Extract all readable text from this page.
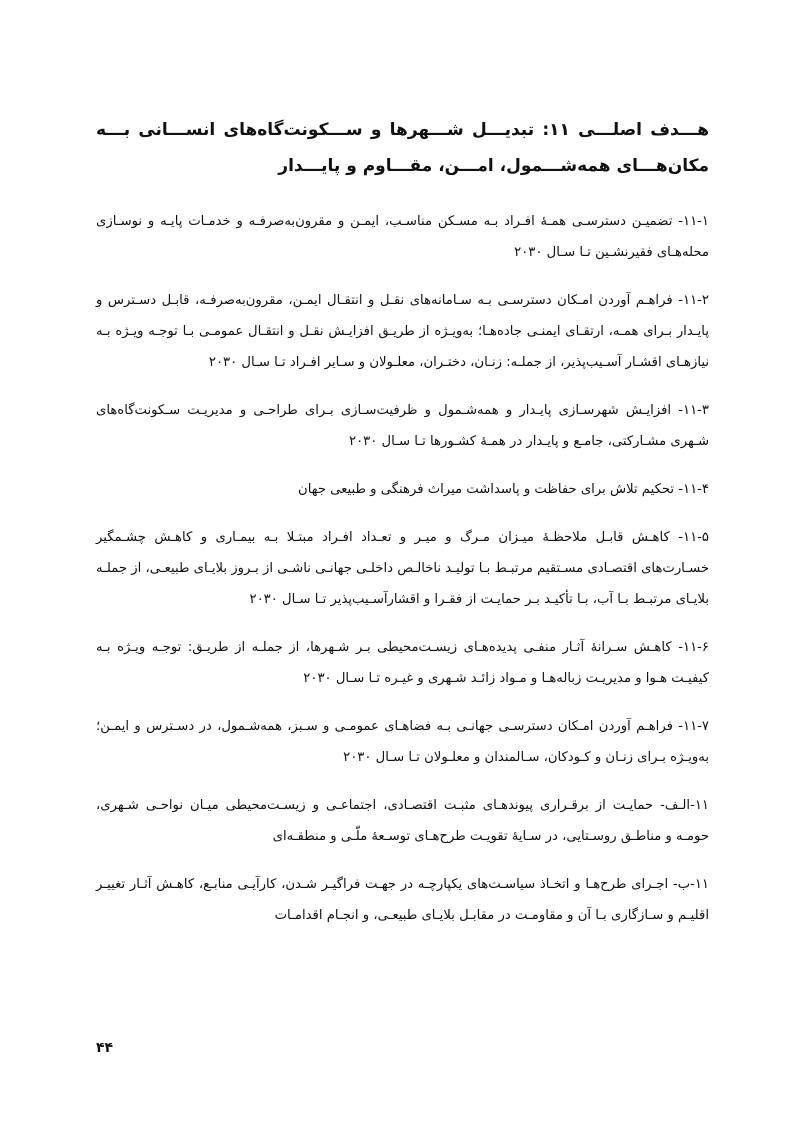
هـــدف اصلـــی ۱۱: تبدیـــل شـــهرها و ســـکونت‌گاه‌های انســـانی بـــه مکان‌هـــای همه‌شـــمول، امـــن، مقـــاوم و پایـــدار

۱۱-۱- تضمیـن دسترسـی همـهٔ افـراد بـه مسـکن مناسـب، ایمـن و مقرون‌به‌صرفـه و خدمـات پایـه و نوسـازی محله‌هـای فقیرنشـین تـا سـال ۲۰۳۰

۱۱-۲- فراهـم آوردن امـکان دسترسـی بـه سـامانه‌های نقـل و انتقـال ایمـن، مقرون‌به‌صرفـه، قابـل دسـترس و پایـدار بـرای همـه، ارتقـای ایمنـی جاده‌هـا؛ به‌ویـژه از طریـق افزایـش نقـل و انتقـال عمومـی بـا توجـه ویـژه بـه نیازهـای اقشـار آسـیب‌پذیر، از جملـه: زنـان، دختـران، معلـولان و سـایر افـراد تـا سـال ۲۰۳۰

۱۱-۳- افزایـش شهرسـازی پایـدار و همه‌شـمول و ظرفیت‌سـازی بـرای طراحـی و مدیریـت سـکونت‌گاه‌های شـهری مشـارکتی، جامـع و پایـدار در همـهٔ کشـورها تـا سـال ۲۰۳۰

۱۱-۴- تحکیم تلاش برای حفاظت و پاسداشت میراث فرهنگی و طبیعی جهان

۱۱-۵- کاهـش قابـل ملاحظـهٔ میـزان مـرگ و میـر و تعـداد افـراد مبتـلا بـه بیمـاری و کاهـش چشـمگیر خسـارت‌های اقتصـادی مسـتقیم مرتبـط بـا تولیـد ناخالـص داخلـی جهانـی ناشـی از بـروز بلایـای طبیعـی، از جملـه بلایـای مرتبـط بـا آب، بـا تأکیـد بـر حمایـت از فقـرا و اقشارآسـیب‌پذیر تـا سـال ۲۰۳۰

۱۱-۶- کاهـش سـرانهٔ آثـار منفـی پدیده‌هـای زیسـت‌محیطی بـر شـهرها، از جملـه از طریـق: توجـه ویـژه بـه کیفیـت هـوا و مدیریـت زباله‌هـا و مـواد زائـد شـهری و غیـره تـا سـال ۲۰۳۰

۱۱-۷- فراهـم آوردن امـکان دسترسـی جهانـی بـه فضاهـای عمومـی و سـبز، همه‌شـمول، در دسـترس و ایمـن؛ به‌ویـژه بـرای زنـان و کـودکان، سـالمندان و معلـولان تـا سـال ۲۰۳۰

۱۱-الـف- حمایـت از برقـراری پیوندهـای مثبـت اقتصـادی، اجتماعـی و زیسـت‌محیطی میـان نواحـی شـهری، حومـه و مناطـق روسـتایی، در سـایهٔ تقویـت طرح‌هـای توسـعهٔ ملّـی و منطقـه‌ای

۱۱-ب- اجـرای طرح‌هـا و اتخـاذ سیاسـت‌های یکپارچـه در جهـت فراگیـر شـدن، کارآیـی منابـع، کاهـش آثـار تغییـر اقلیـم و سـازگاری بـا آن و مقاومـت در مقابـل بلایـای طبیعـی، و انجـام اقدامـات

۴۴
